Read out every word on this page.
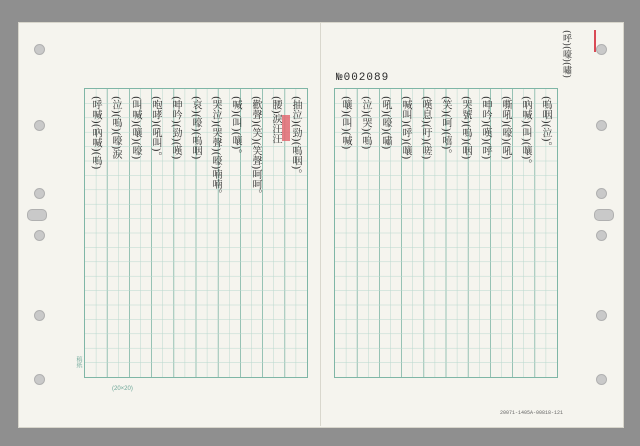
№002089
(抽泣)(勁)(嗚咽)。
(腰)淚汪汪
(歡聲)(笑)(笑聲)呵呵。
(喊)(叫)(嚷)。
(哭泣)(哭聲)(嚎)喃喃。
(哀)(嚎)(嗚咽)
(呻吟)(勁)(嘆)
(咆哮)(吼叫)。
(叫喊)(嚷)(嚎)
(泣)(嗚)(嚎)淚
(呼喊)(吶喊)(嗚)	(嗚咽)(泣)。
(吶喊)(叫)(嚷)。
(嘶吼)(嚎)(吼)
(呻吟)(嘆)(呼)
(哭號)(嗚)(咽)
(笑)(呵)(嘻)。
(嘆息)(吁)(嗟)
(喊叫)(呼)(嚷)
(吼)(嚎)(嘯)
(泣)(哭)(嗚)
(嚷)(叫)(喊)
(呼)(嚎)(嘯)
(20×20)
稿紙
20071-1405A-00818-121
